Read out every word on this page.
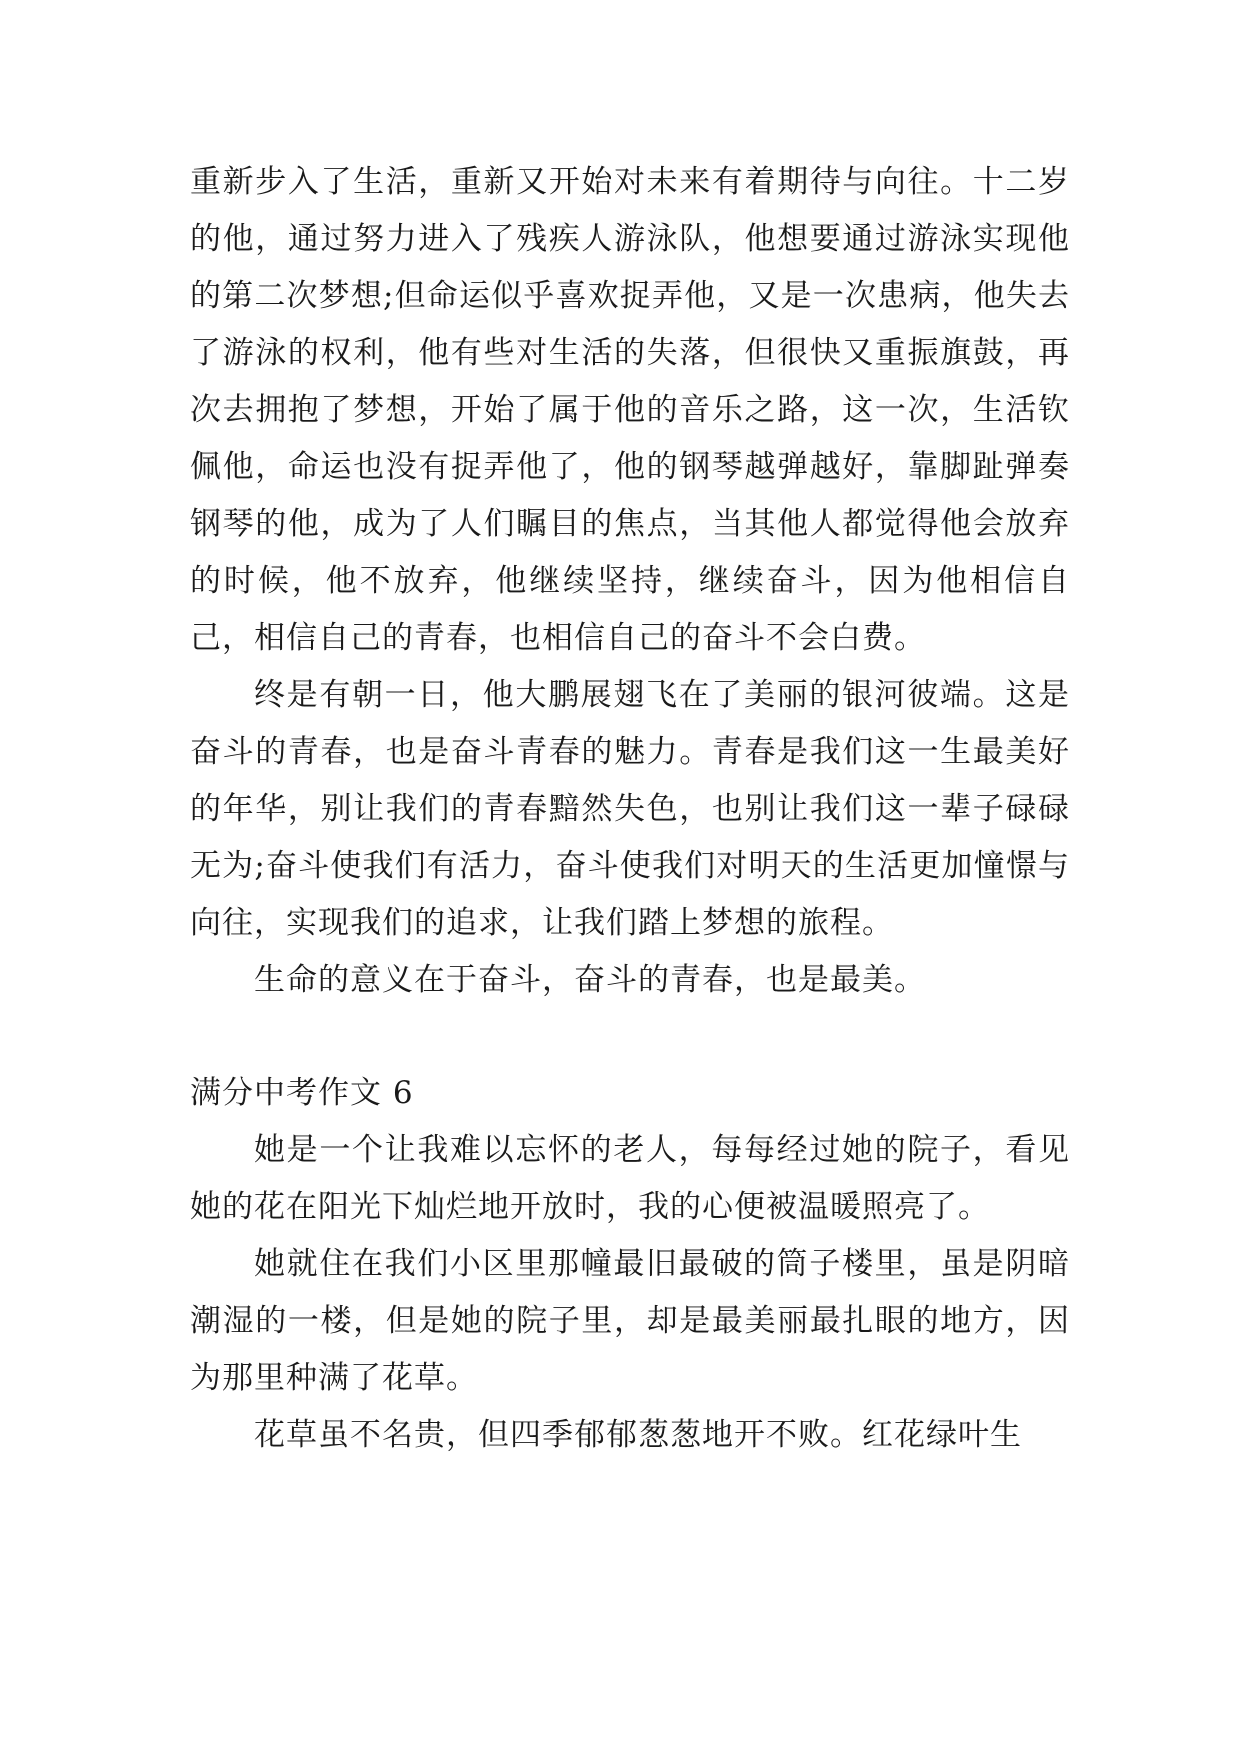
重新步入了生活，重新又开始对未来有着期待与向往。十二岁的他，通过努力进入了残疾人游泳队，他想要通过游泳实现他的第二次梦想;但命运似乎喜欢捉弄他，又是一次患病，他失去了游泳的权利，他有些对生活的失落，但很快又重振旗鼓，再次去拥抱了梦想，开始了属于他的音乐之路，这一次，生活钦佩他，命运也没有捉弄他了，他的钢琴越弹越好，靠脚趾弹奏钢琴的他，成为了人们瞩目的焦点，当其他人都觉得他会放弃的时候，他不放弃，他继续坚持，继续奋斗，因为他相信自己，相信自己的青春，也相信自己的奋斗不会白费。

终是有朝一日，他大鹏展翅飞在了美丽的银河彼端。这是奋斗的青春，也是奋斗青春的魅力。青春是我们这一生最美好的年华，别让我们的青春黯然失色，也别让我们这一辈子碌碌无为;奋斗使我们有活力，奋斗使我们对明天的生活更加憧憬与向往，实现我们的追求，让我们踏上梦想的旅程。

生命的意义在于奋斗，奋斗的青春，也是最美。

满分中考作文 6

她是一个让我难以忘怀的老人，每每经过她的院子，看见她的花在阳光下灿烂地开放时，我的心便被温暖照亮了。

她就住在我们小区里那幢最旧最破的筒子楼里，虽是阴暗潮湿的一楼，但是她的院子里，却是最美丽最扎眼的地方，因为那里种满了花草。

花草虽不名贵，但四季郁郁葱葱地开不败。红花绿叶生
